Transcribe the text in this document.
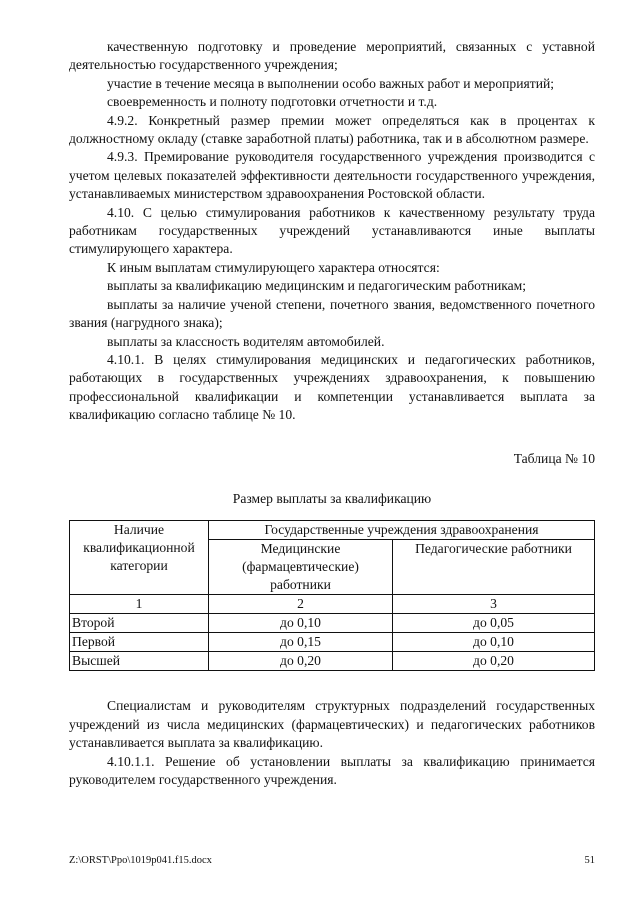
качественную подготовку и проведение мероприятий, связанных с уставной деятельностью государственного учреждения;

участие в течение месяца в выполнении особо важных работ и мероприятий;

своевременность и полноту подготовки отчетности и т.д.

4.9.2. Конкретный размер премии может определяться как в процентах к должностному окладу (ставке заработной платы) работника, так и в абсолютном размере.

4.9.3. Премирование руководителя государственного учреждения производится с учетом целевых показателей эффективности деятельности государственного учреждения, устанавливаемых министерством здравоохранения Ростовской области.

4.10. С целью стимулирования работников к качественному результату труда работникам государственных учреждений устанавливаются иные выплаты стимулирующего характера.

К иным выплатам стимулирующего характера относятся:

выплаты за квалификацию медицинским и педагогическим работникам;

выплаты за наличие ученой степени, почетного звания, ведомственного почетного звания (нагрудного знака);

выплаты за классность водителям автомобилей.

4.10.1. В целях стимулирования медицинских и педагогических работников, работающих в государственных учреждениях здравоохранения, к повышению профессиональной квалификации и компетенции устанавливается выплата за квалификацию согласно таблице № 10.

Таблица № 10

Размер выплаты за квалификацию

Наличие квалификационной категории	Государственные учреждения здравоохранения	
	Медицинские (фармацевтические) работники	Педагогические работники
1	2	3
Второй	до 0,10	до 0,05
Первой	до 0,15	до 0,10
Высшей	до 0,20	до 0,20

Специалистам и руководителям структурных подразделений государственных учреждений из числа медицинских (фармацевтических) и педагогических работников устанавливается выплата за квалификацию.

4.10.1.1. Решение об установлении выплаты за квалификацию принимается руководителем государственного учреждения.

Z:\ORST\Ppo\1019p041.f15.docx	51
